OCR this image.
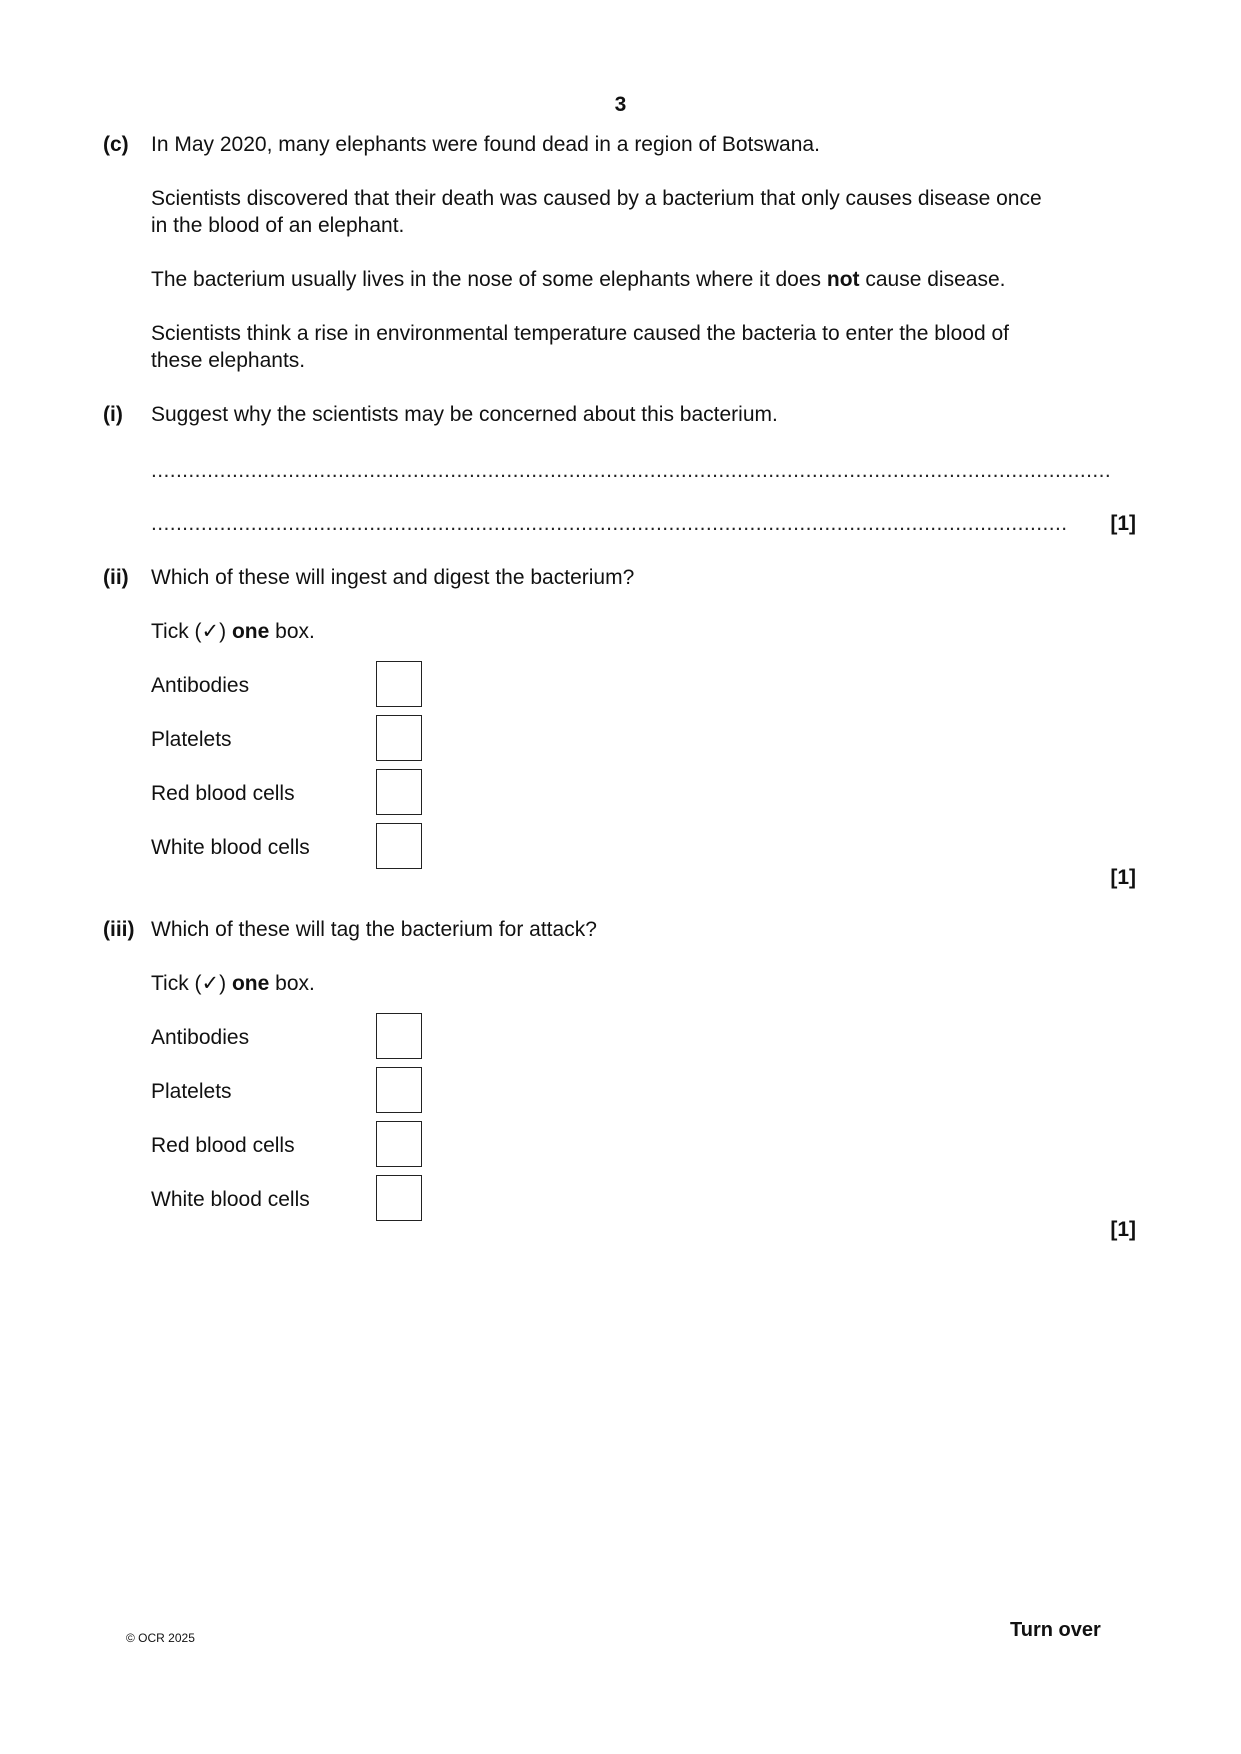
3
(c) In May 2020, many elephants were found dead in a region of Botswana.
Scientists discovered that their death was caused by a bacterium that only causes disease once
in the blood of an elephant.
The bacterium usually lives in the nose of some elephants where it does not cause disease.
Scientists think a rise in environmental temperature caused the bacteria to enter the blood of
these elephants.
(i) Suggest why the scientists may be concerned about this bacterium.
..........................................................................................................................................................
...................................................................................................................................................	[1]
(ii) Which of these will ingest and digest the bacterium?
Tick (✓) one box.
Antibodies
Platelets
Red blood cells
White blood cells
[1]
(iii) Which of these will tag the bacterium for attack?
Tick (✓) one box.
Antibodies
Platelets
Red blood cells
White blood cells
[1]
© OCR 2025	Turn over
